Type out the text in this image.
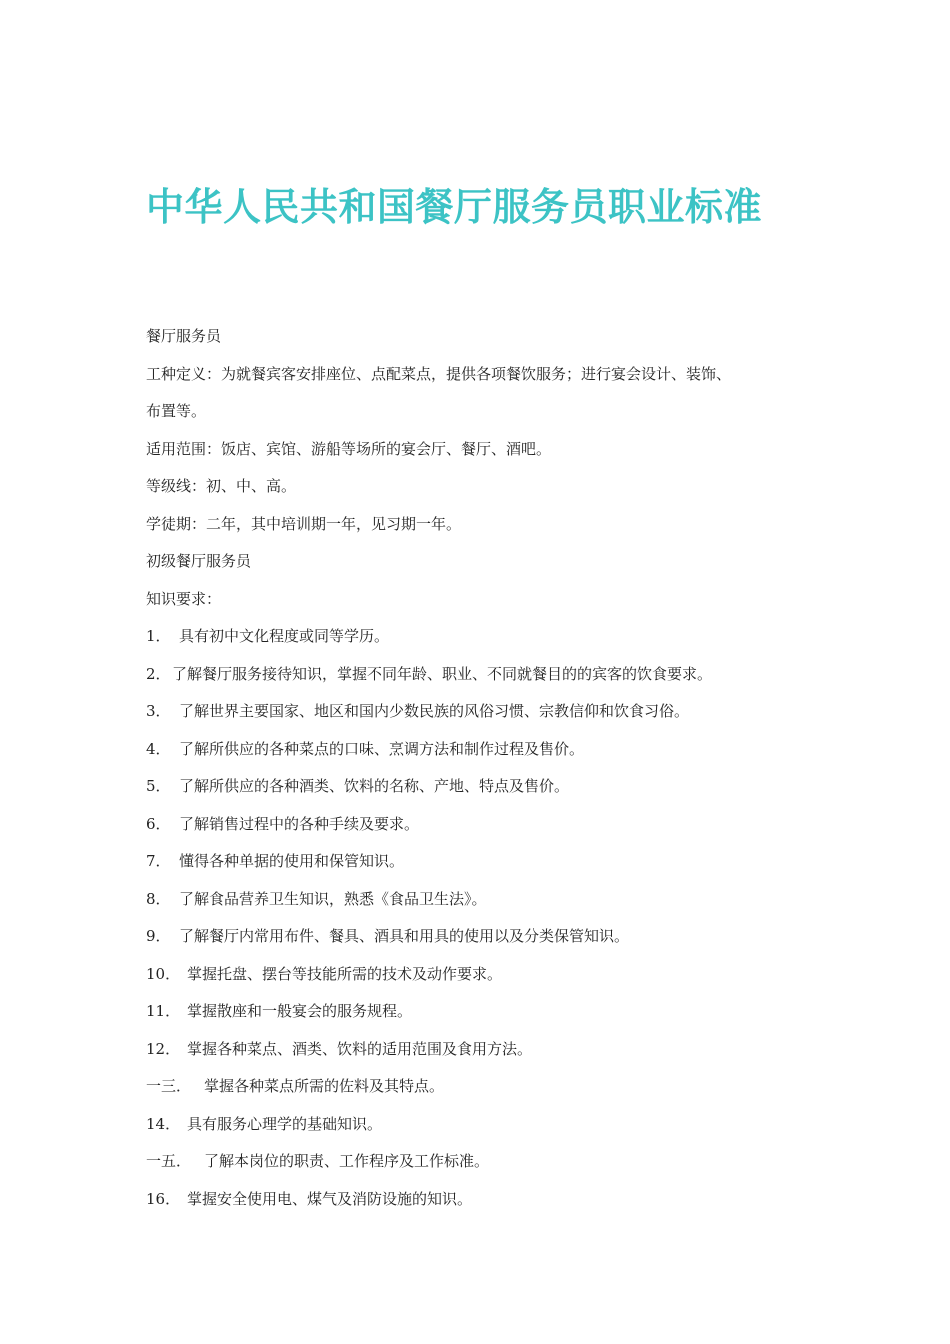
中华人民共和国餐厅服务员职业标准

餐厅服务员

工种定义：为就餐宾客安排座位、点配菜点，提供各项餐饮服务；进行宴会设计、装饰、

布置等。

适用范围：饭店、宾馆、游船等场所的宴会厅、餐厅、酒吧。

等级线：初、中、高。

学徒期：二年，其中培训期一年，见习期一年。

初级餐厅服务员

知识要求：

1． 具有初中文化程度或同等学历。

2．了解餐厅服务接待知识，掌握不同年龄、职业、不同就餐目的的宾客的饮食要求。

3． 了解世界主要国家、地区和国内少数民族的风俗习惯、宗教信仰和饮食习俗。

4． 了解所供应的各种菜点的口味、烹调方法和制作过程及售价。

5． 了解所供应的各种酒类、饮料的名称、产地、特点及售价。

6． 了解销售过程中的各种手续及要求。

7． 懂得各种单据的使用和保管知识。

8． 了解食品营养卫生知识，熟悉《食品卫生法》。

9． 了解餐厅内常用布件、餐具、酒具和用具的使用以及分类保管知识。

10． 掌握托盘、摆台等技能所需的技术及动作要求。

11． 掌握散座和一般宴会的服务规程。

12． 掌握各种菜点、酒类、饮料的适用范围及食用方法。

一三． 掌握各种菜点所需的佐料及其特点。

14． 具有服务心理学的基础知识。

一五． 了解本岗位的职责、工作程序及工作标准。

16． 掌握安全使用电、煤气及消防设施的知识。
